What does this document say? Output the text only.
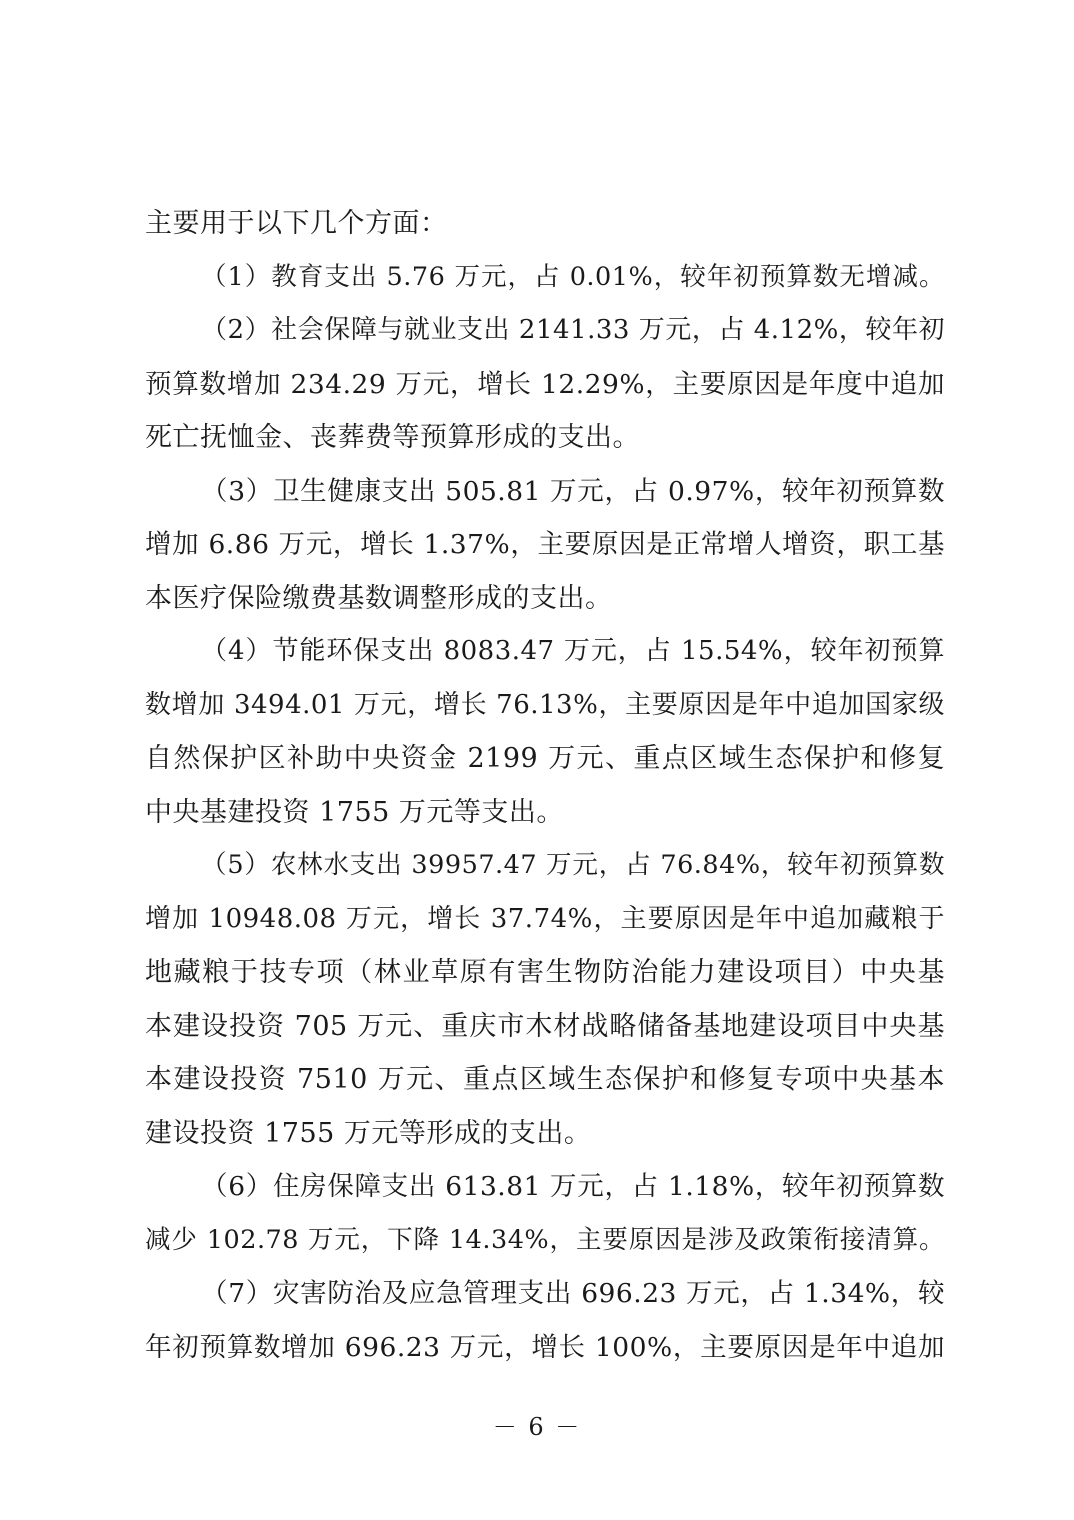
主要用于以下几个方面：
（1）教育支出 5.76 万元，占 0.01%，较年初预算数无增减。
（2）社会保障与就业支出 2141.33 万元，占 4.12%，较年初
预算数增加 234.29 万元，增长 12.29%，主要原因是年度中追加
死亡抚恤金、丧葬费等预算形成的支出。
（3）卫生健康支出 505.81 万元，占 0.97%，较年初预算数
增加 6.86 万元，增长 1.37%，主要原因是正常增人增资，职工基
本医疗保险缴费基数调整形成的支出。
（4）节能环保支出 8083.47 万元，占 15.54%，较年初预算
数增加 3494.01 万元，增长 76.13%，主要原因是年中追加国家级
自然保护区补助中央资金 2199 万元、重点区域生态保护和修复
中央基建投资 1755 万元等支出。
（5）农林水支出 39957.47 万元，占 76.84%，较年初预算数
增加 10948.08 万元，增长 37.74%，主要原因是年中追加藏粮于
地藏粮于技专项（林业草原有害生物防治能力建设项目）中央基
本建设投资 705 万元、重庆市木材战略储备基地建设项目中央基
本建设投资 7510 万元、重点区域生态保护和修复专项中央基本
建设投资 1755 万元等形成的支出。
（6）住房保障支出 613.81 万元，占 1.18%，较年初预算数
减少 102.78 万元，下降 14.34%，主要原因是涉及政策衔接清算。
（7）灾害防治及应急管理支出 696.23 万元，占 1.34%，较
年初预算数增加 696.23 万元，增长 100%，主要原因是年中追加
－ 6 －
